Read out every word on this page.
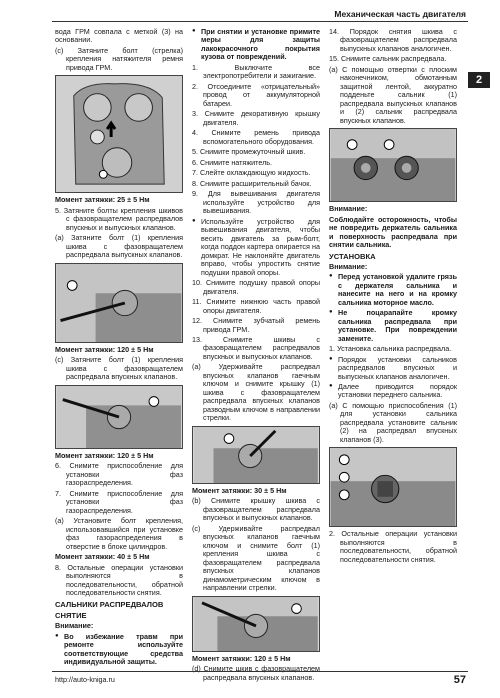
Механическая часть двигателя
2

вода ГРМ совпала с меткой (3) на основании.

(c) Затяните болт (стрелка) крепления натяжителя ремня привода ГРМ.

Момент затяжки: 25 ± 5 Нм

5. Затяните болты крепления шкивов с фазовращателем распредвалов впускных и выпускных клапанов.

(a) Затяните болт (1) крепления шкива с фазовращателем распредвала выпускных клапанов.

Момент затяжки: 120 ± 5 Нм

(c) Затяните болт (1) крепления шкива с фазовращателем распредвала впускных клапанов.

Момент затяжки: 120 ± 5 Нм

6. Снимите приспособление для установки фаз газораспределения.

7. Снимите приспособление для установки фаз газораспределения.

(a) Установите болт крепления, использовавшийся при установке фаз газораспределения в отверстие в блоке цилиндров.

Момент затяжки: 40 ± 5 Нм

8. Остальные операции установки выполняются в последовательности, обратной последовательности снятия.

САЛЬНИКИ РАСПРЕДВАЛОВ

СНЯТИЕ

Внимание:

● Во избежание травм при ремонте используйте соответствующие средства индивидуальной защиты.

● При снятии и установке примите меры для защиты лакокрасочного покрытия кузова от повреждений.

1. Выключите все электропотребители и зажигание.

2. Отсоедините «отрицательный» провод от аккумуляторной батареи.

3. Снимите декоративную крышку двигателя.

4. Снимите ремень привода вспомогательного оборудования.

5. Снимите промежуточный шкив.

6. Снимите натяжитель.

7. Слейте охлаждающую жидкость.

8. Снимите расширительный бачок.

9. Для вывешивания двигателя используйте устройство для вывешивания.

● Используйте устройство для вывешивания двигателя, чтобы весить двигатель за рым-болт, когда поддон картера опирается на домкрат. Не наклоняйте двигатель вправо, чтобы упростить снятие подушки правой опоры.

10. Снимите подушку правой опоры двигателя.

11. Снимите нижнюю часть правой опоры двигателя.

12. Снимите зубчатый ремень привода ГРМ.

13. Снимите шкивы с фазовращателем распредвалов впускных и выпускных клапанов.

(a) Удерживайте распредвал впускных клапанов гаечным ключом и снимите крышку (1) шкива с фазовращателем распредвала впускных клапанов разводным ключом в направлении стрелки.

Момент затяжки: 30 ± 5 Нм

(b) Снимите крышку шкива с фазовращателем распредвала впускных и выпускных клапанов.

(c) Удерживайте распредвал впускных клапанов гаечным ключом и снимите болт (1) крепления шкива с фазовращателем распредвала впускных клапанов динамометрическим ключом в направлении стрелки.

Момент затяжки: 120 ± 5 Нм

(d) Снимите шкив с фазовращателем распредвала впускных клапанов.

14. Порядок снятия шкива с фазовращателем распредвала выпускных клапанов аналогичен.

15. Снимите сальник распредвала.

(a) С помощью отвертки с плоским наконечником, обмотанным защитной лентой, аккуратно подденьте сальник (1) распредвала выпускных клапанов и (2) сальник распредвала впускных клапанов.

Внимание:

Соблюдайте осторожность, чтобы не повредить держатель сальника и поверхность распредвала при снятии сальника.

УСТАНОВКА

Внимание:

● Перед установкой удалите грязь с держателя сальника и нанесите на него и на кромку сальника моторное масло.

● Не поцарапайте кромку сальника распредвала при установке. При повреждении замените.

1. Установка сальника распредвала.

● Порядок установки сальников распредвалов впускных и выпускных клапанов аналогичен.

● Далее приводится порядок установки переднего сальника.

(a) С помощью приспособления (1) для установки сальника распредвала установите сальник (2) на распредвал впускных клапанов (3).

2. Остальные операции установки выполняются в последовательности, обратной последовательности снятия.

http://auto-kniga.ru	57
